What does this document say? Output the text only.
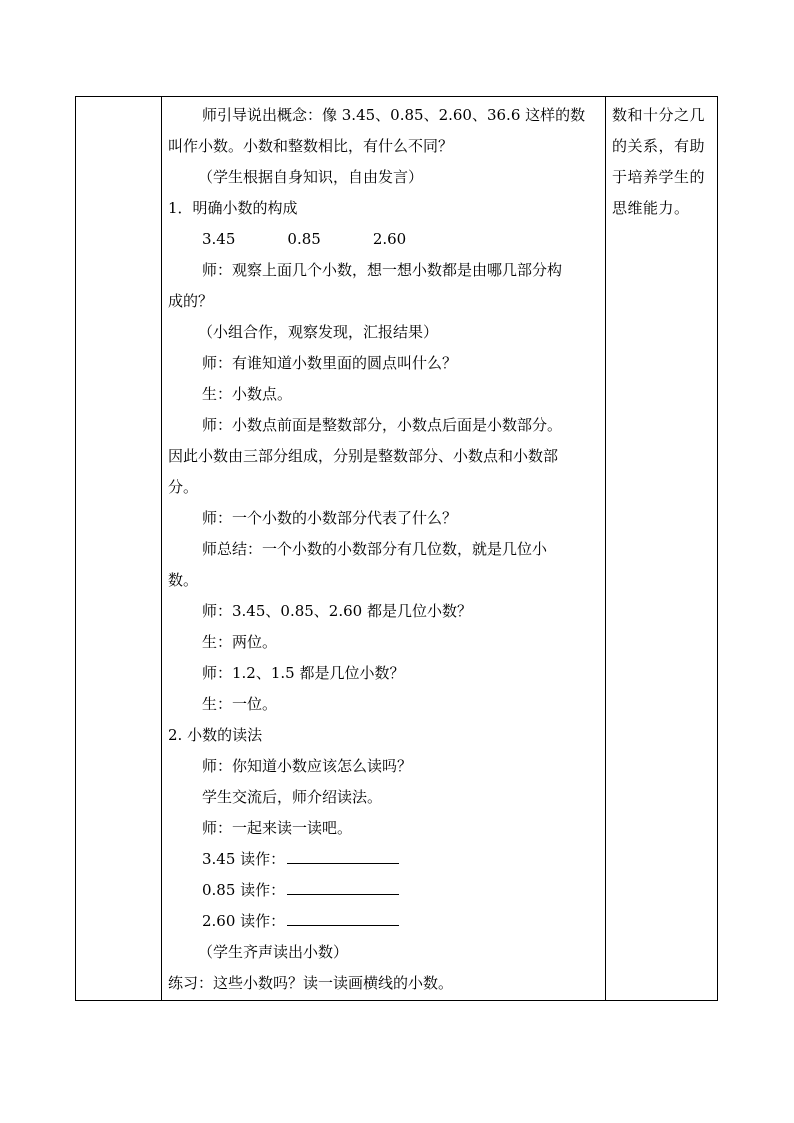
师引导说出概念：像 3.45、0.85、2.60、36.6 这样的数
叫作小数。小数和整数相比，有什么不同？
（学生根据自身知识，自由发言）
1．明确小数的构成
3.45	0.85	2.60
师：观察上面几个小数，想一想小数都是由哪几部分构
成的？
（小组合作，观察发现，汇报结果）
师：有谁知道小数里面的圆点叫什么？
生：小数点。
师：小数点前面是整数部分，小数点后面是小数部分。
因此小数由三部分组成，分别是整数部分、小数点和小数部
分。
师：一个小数的小数部分代表了什么？
师总结：一个小数的小数部分有几位数，就是几位小
数。
师：3.45、0.85、2.60 都是几位小数？
生：两位。
师：1.2、1.5 都是几位小数？
生：一位。
2. 小数的读法
师：你知道小数应该怎么读吗？
学生交流后，师介绍读法。
师：一起来读一读吧。
3.45 读作：
0.85 读作：
2.60 读作：
（学生齐声读出小数）
练习：这些小数吗？读一读画横线的小数。
数和十分之几
的关系，有助
于培养学生的
思维能力。
